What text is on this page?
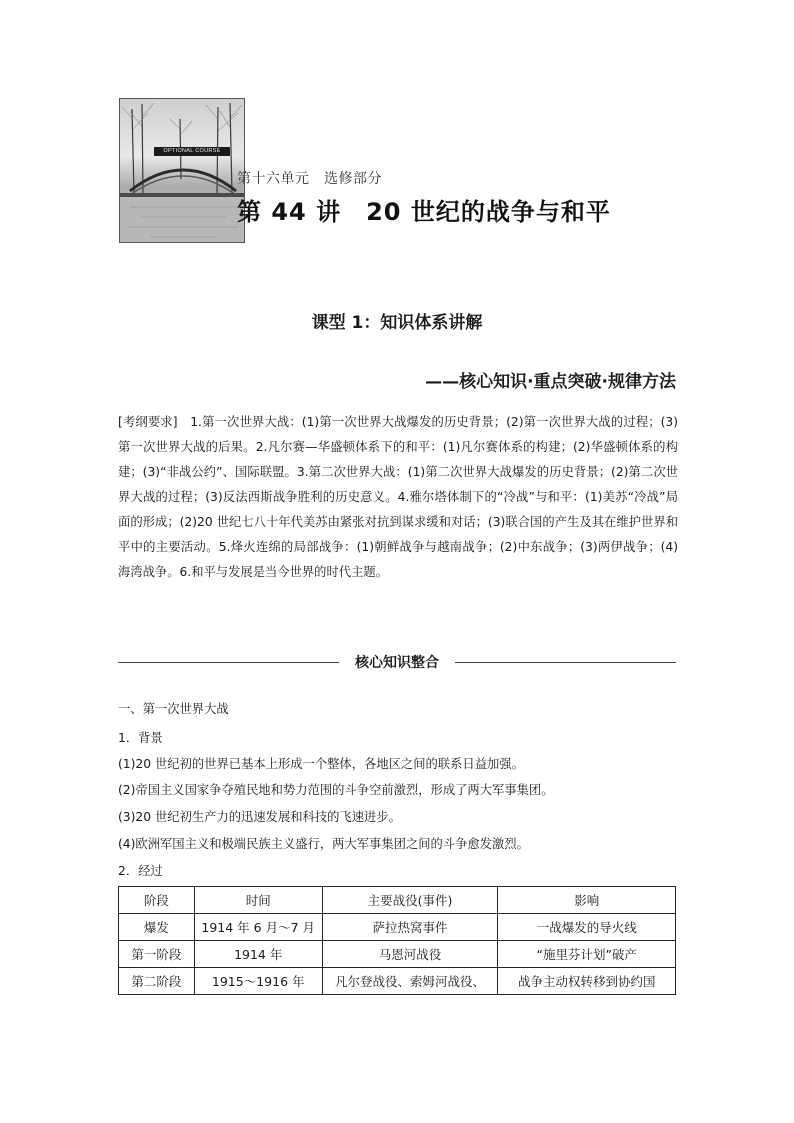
OPTIONAL COURSE
第十六单元　选修部分
第 44 讲　20 世纪的战争与和平
课型 1：知识体系讲解
——核心知识·重点突破·规律方法
[考纲要求]　1.第一次世界大战：(1)第一次世界大战爆发的历史背景；(2)第一次世界大战的过程；(3)第一次世界大战的后果。2.凡尔赛—华盛顿体系下的和平：(1)凡尔赛体系的构建；(2)华盛顿体系的构建；(3)“非战公约”、国际联盟。3.第二次世界大战：(1)第二次世界大战爆发的历史背景；(2)第二次世界大战的过程；(3)反法西斯战争胜利的历史意义。4.雅尔塔体制下的“冷战”与和平：(1)美苏“冷战”局面的形成；(2)20 世纪七八十年代美苏由紧张对抗到谋求缓和对话；(3)联合国的产生及其在维护世界和平中的主要活动。5.烽火连绵的局部战争：(1)朝鲜战争与越南战争；(2)中东战争；(3)两伊战争；(4)海湾战争。6.和平与发展是当今世界的时代主题。
核心知识整合
一、第一次世界大战
1．背景
(1)20 世纪初的世界已基本上形成一个整体，各地区之间的联系日益加强。
(2)帝国主义国家争夺殖民地和势力范围的斗争空前激烈，形成了两大军事集团。
(3)20 世纪初生产力的迅速发展和科技的飞速进步。
(4)欧洲军国主义和极端民族主义盛行，两大军事集团之间的斗争愈发激烈。
2．经过
阶段	时间	主要战役(事件)	影响
爆发	1914 年 6 月～7 月	萨拉热窝事件	一战爆发的导火线
第一阶段	1914 年	马恩河战役	“施里芬计划”破产
第二阶段	1915～1916 年	凡尔登战役、索姆河战役、	战争主动权转移到协约国
